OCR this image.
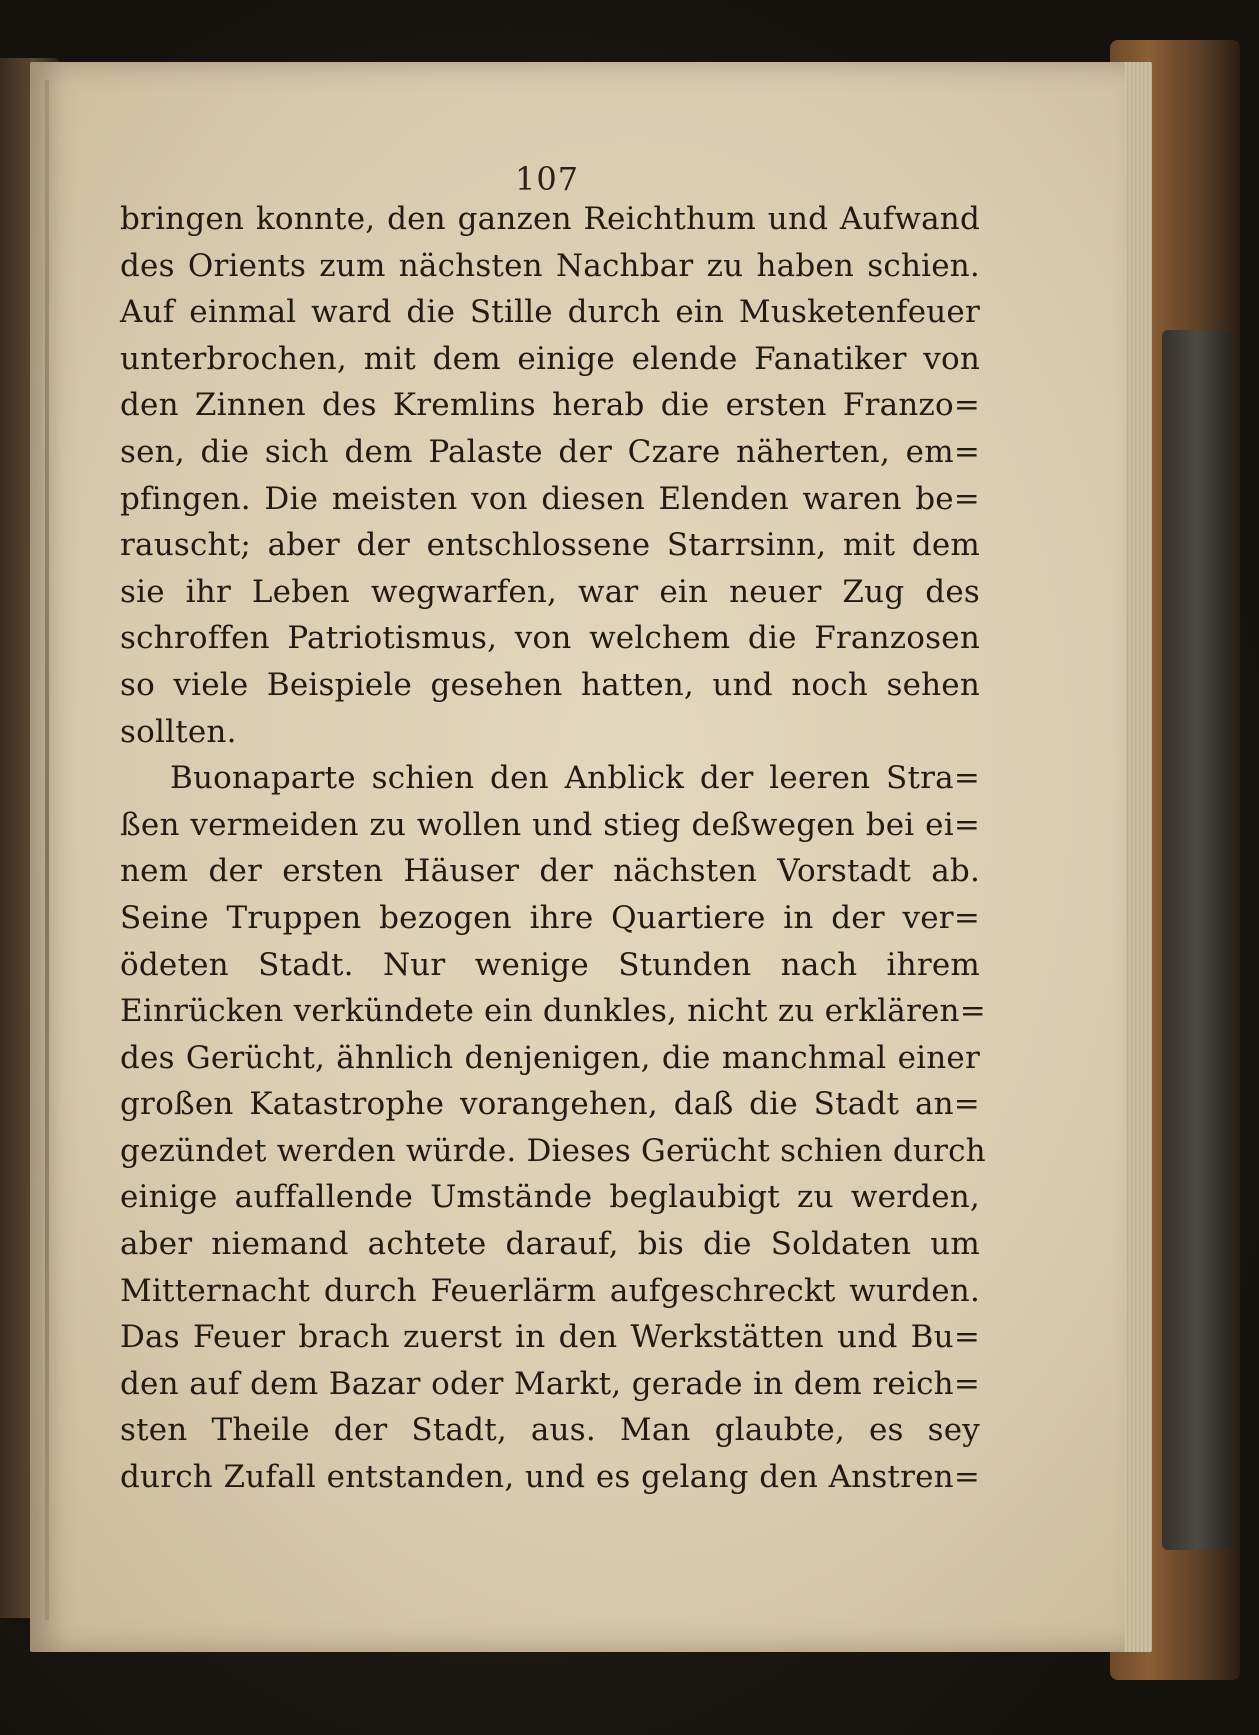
107
bringen konnte, den ganzen Reichthum und Aufwand
des Orients zum nächsten Nachbar zu haben schien.
Auf einmal ward die Stille durch ein Musketenfeuer
unterbrochen, mit dem einige elende Fanatiker von
den Zinnen des Kremlins herab die ersten Franzo=
sen, die sich dem Palaste der Czare näherten, em=
pfingen. Die meisten von diesen Elenden waren be=
rauscht; aber der entschlossene Starrsinn, mit dem
sie ihr Leben wegwarfen, war ein neuer Zug des
schroffen Patriotismus, von welchem die Franzosen
so viele Beispiele gesehen hatten, und noch sehen
sollten.
Buonaparte schien den Anblick der leeren Stra=
ßen vermeiden zu wollen und stieg deßwegen bei ei=
nem der ersten Häuser der nächsten Vorstadt ab.
Seine Truppen bezogen ihre Quartiere in der ver=
ödeten Stadt. Nur wenige Stunden nach ihrem
Einrücken verkündete ein dunkles, nicht zu erklären=
des Gerücht, ähnlich denjenigen, die manchmal einer
großen Katastrophe vorangehen, daß die Stadt an=
gezündet werden würde. Dieses Gerücht schien durch
einige auffallende Umstände beglaubigt zu werden,
aber niemand achtete darauf, bis die Soldaten um
Mitternacht durch Feuerlärm aufgeschreckt wurden.
Das Feuer brach zuerst in den Werkstätten und Bu=
den auf dem Bazar oder Markt, gerade in dem reich=
sten Theile der Stadt, aus. Man glaubte, es sey
durch Zufall entstanden, und es gelang den Anstren=
